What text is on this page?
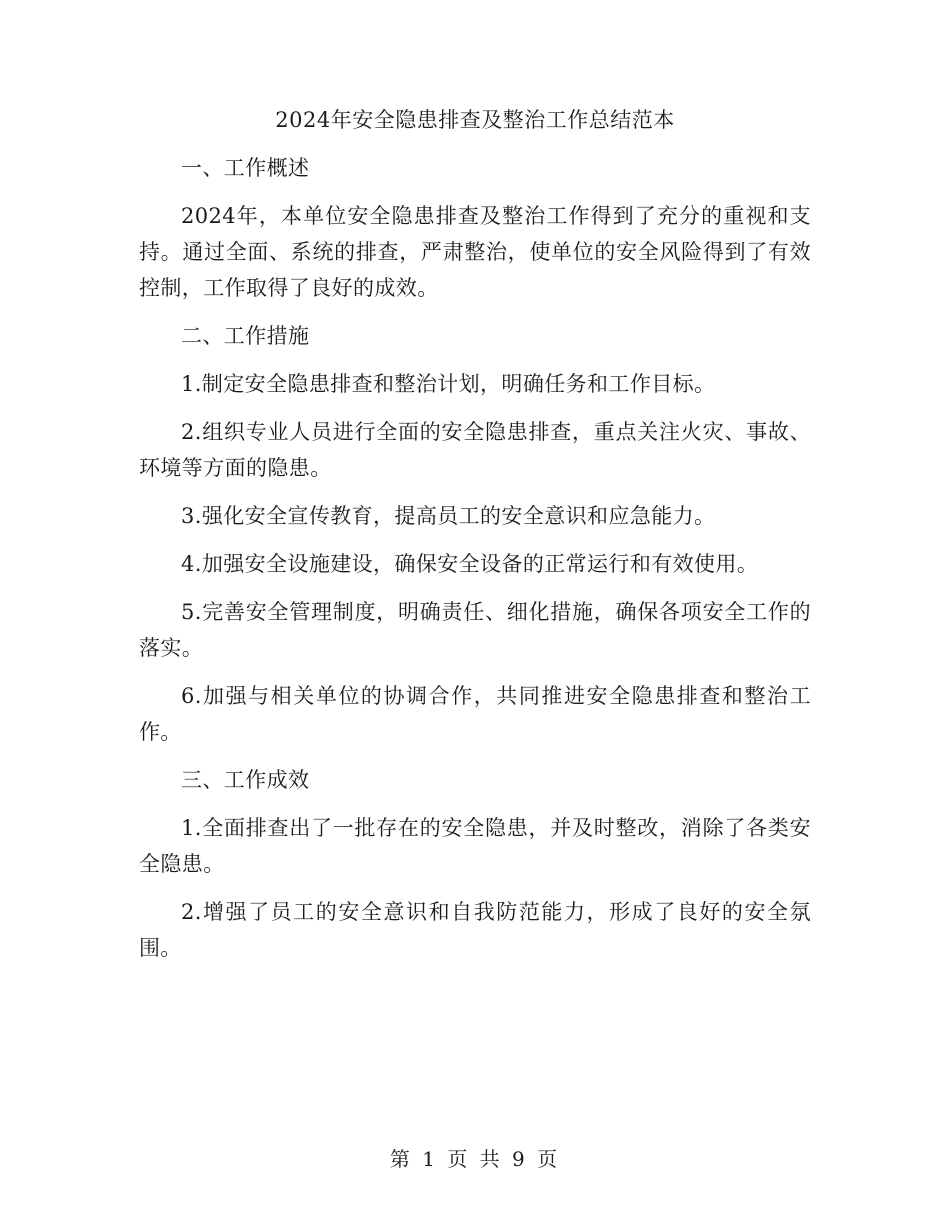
2024年安全隐患排查及整治工作总结范本
一、工作概述

2024年，本单位安全隐患排查及整治工作得到了充分的重视和支持。通过全面、系统的排查，严肃整治，使单位的安全风险得到了有效控制，工作取得了良好的成效。

二、工作措施

1.制定安全隐患排查和整治计划，明确任务和工作目标。

2.组织专业人员进行全面的安全隐患排查，重点关注火灾、事故、环境等方面的隐患。

3.强化安全宣传教育，提高员工的安全意识和应急能力。

4.加强安全设施建设，确保安全设备的正常运行和有效使用。

5.完善安全管理制度，明确责任、细化措施，确保各项安全工作的落实。

6.加强与相关单位的协调合作，共同推进安全隐患排查和整治工作。

三、工作成效

1.全面排查出了一批存在的安全隐患，并及时整改，消除了各类安全隐患。

2.增强了员工的安全意识和自我防范能力，形成了良好的安全氛围。

第 1 页 共 9 页
